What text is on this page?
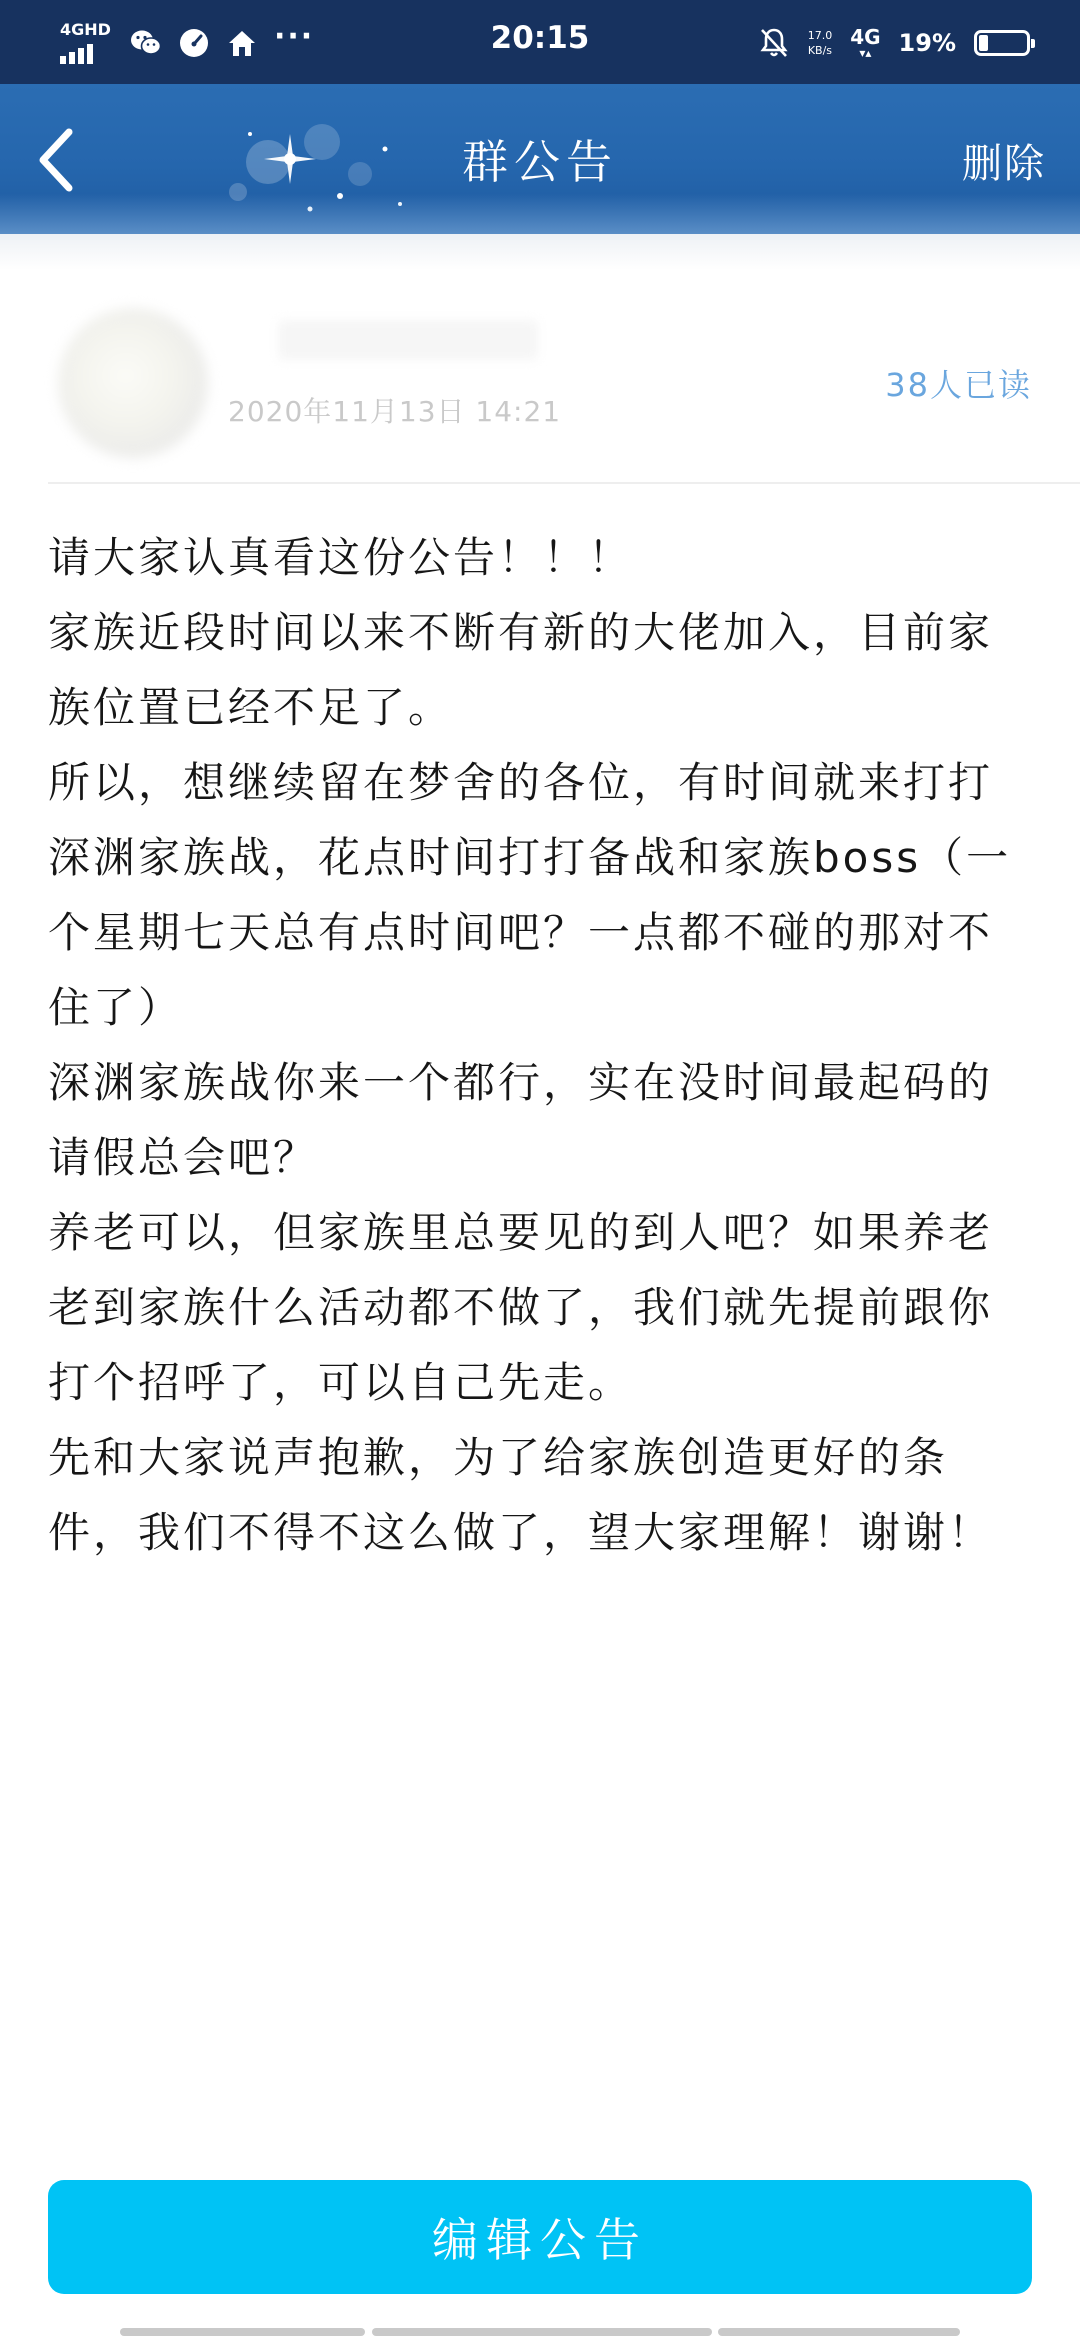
4GHD	···	20:15	17.0
KB/s
4G
▾▴ 19%
群公告	删除
2020年11月13日 14:21
38人已读

请大家认真看这份公告！！！

家族近段时间以来不断有新的大佬加入，目前家族位置已经不足了。

所以，想继续留在梦舍的各位，有时间就来打打深渊家族战，花点时间打打备战和家族boss（一个星期七天总有点时间吧？一点都不碰的那对不住了）

深渊家族战你来一个都行，实在没时间最起码的请假总会吧？

养老可以，但家族里总要见的到人吧？如果养老老到家族什么活动都不做了，我们就先提前跟你打个招呼了，可以自己先走。

先和大家说声抱歉，为了给家族创造更好的条件，我们不得不这么做了，望大家理解！谢谢！

编辑公告
